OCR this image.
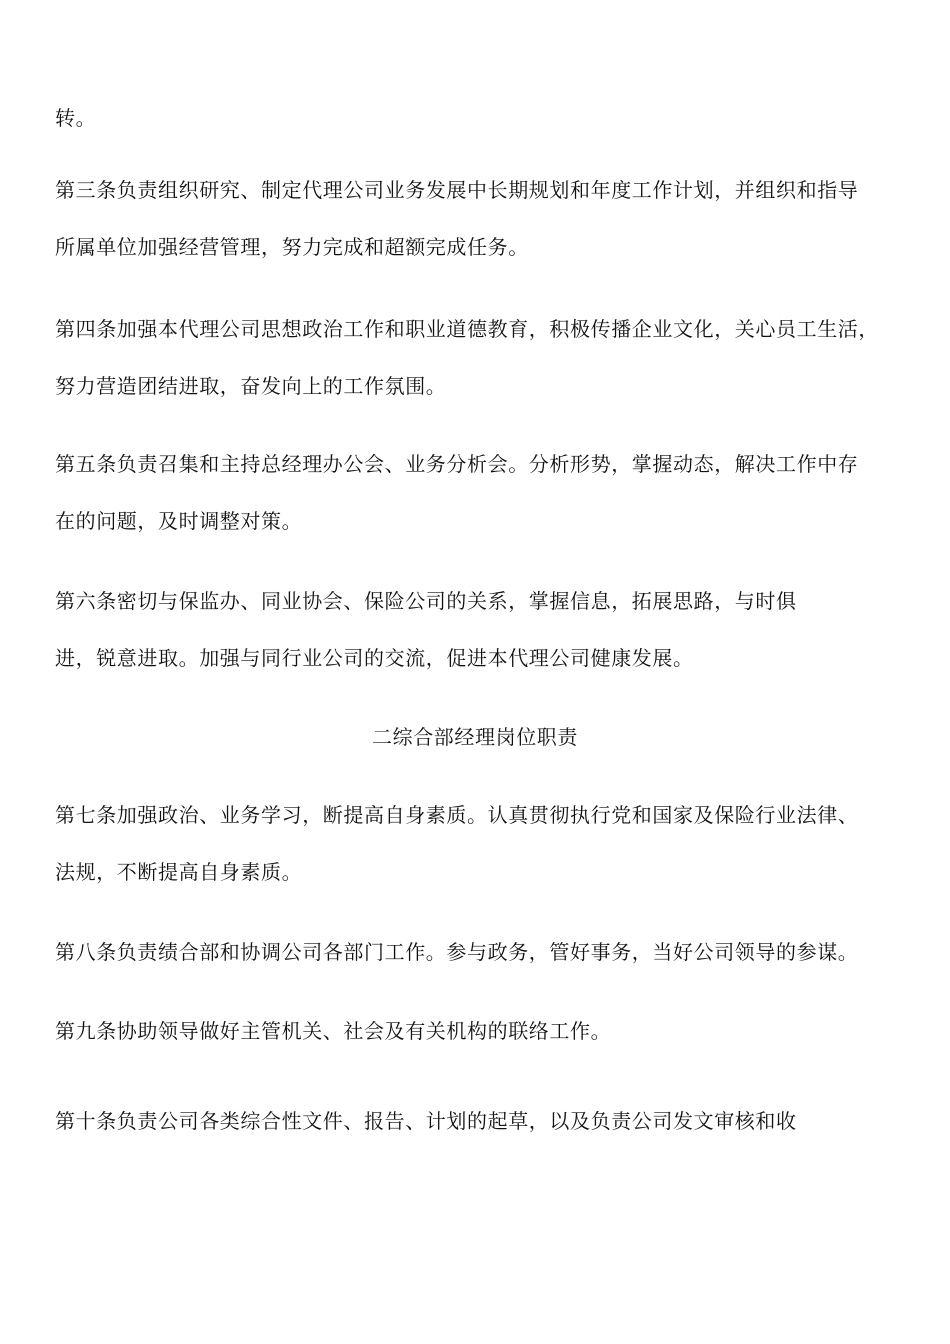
转。
第三条负责组织研究、制定代理公司业务发展中长期规划和年度工作计划，并组织和指导
所属单位加强经营管理，努力完成和超额完成任务。
第四条加强本代理公司思想政治工作和职业道德教育，积极传播企业文化，关心员工生活，
努力营造团结进取，奋发向上的工作氛围。
第五条负责召集和主持总经理办公会、业务分析会。分析形势，掌握动态，解决工作中存
在的问题，及时调整对策。
第六条密切与保监办、同业协会、保险公司的关系，掌握信息，拓展思路，与时俱
进，锐意进取。加强与同行业公司的交流，促进本代理公司健康发展。
二综合部经理岗位职责
第七条加强政治、业务学习，断提高自身素质。认真贯彻执行党和国家及保险行业法律、
法规，不断提高自身素质。
第八条负责绩合部和协调公司各部门工作。参与政务，管好事务，当好公司领导的参谋。
第九条协助领导做好主管机关、社会及有关机构的联络工作。
第十条负责公司各类综合性文件、报告、计划的起草，以及负责公司发文审核和收
